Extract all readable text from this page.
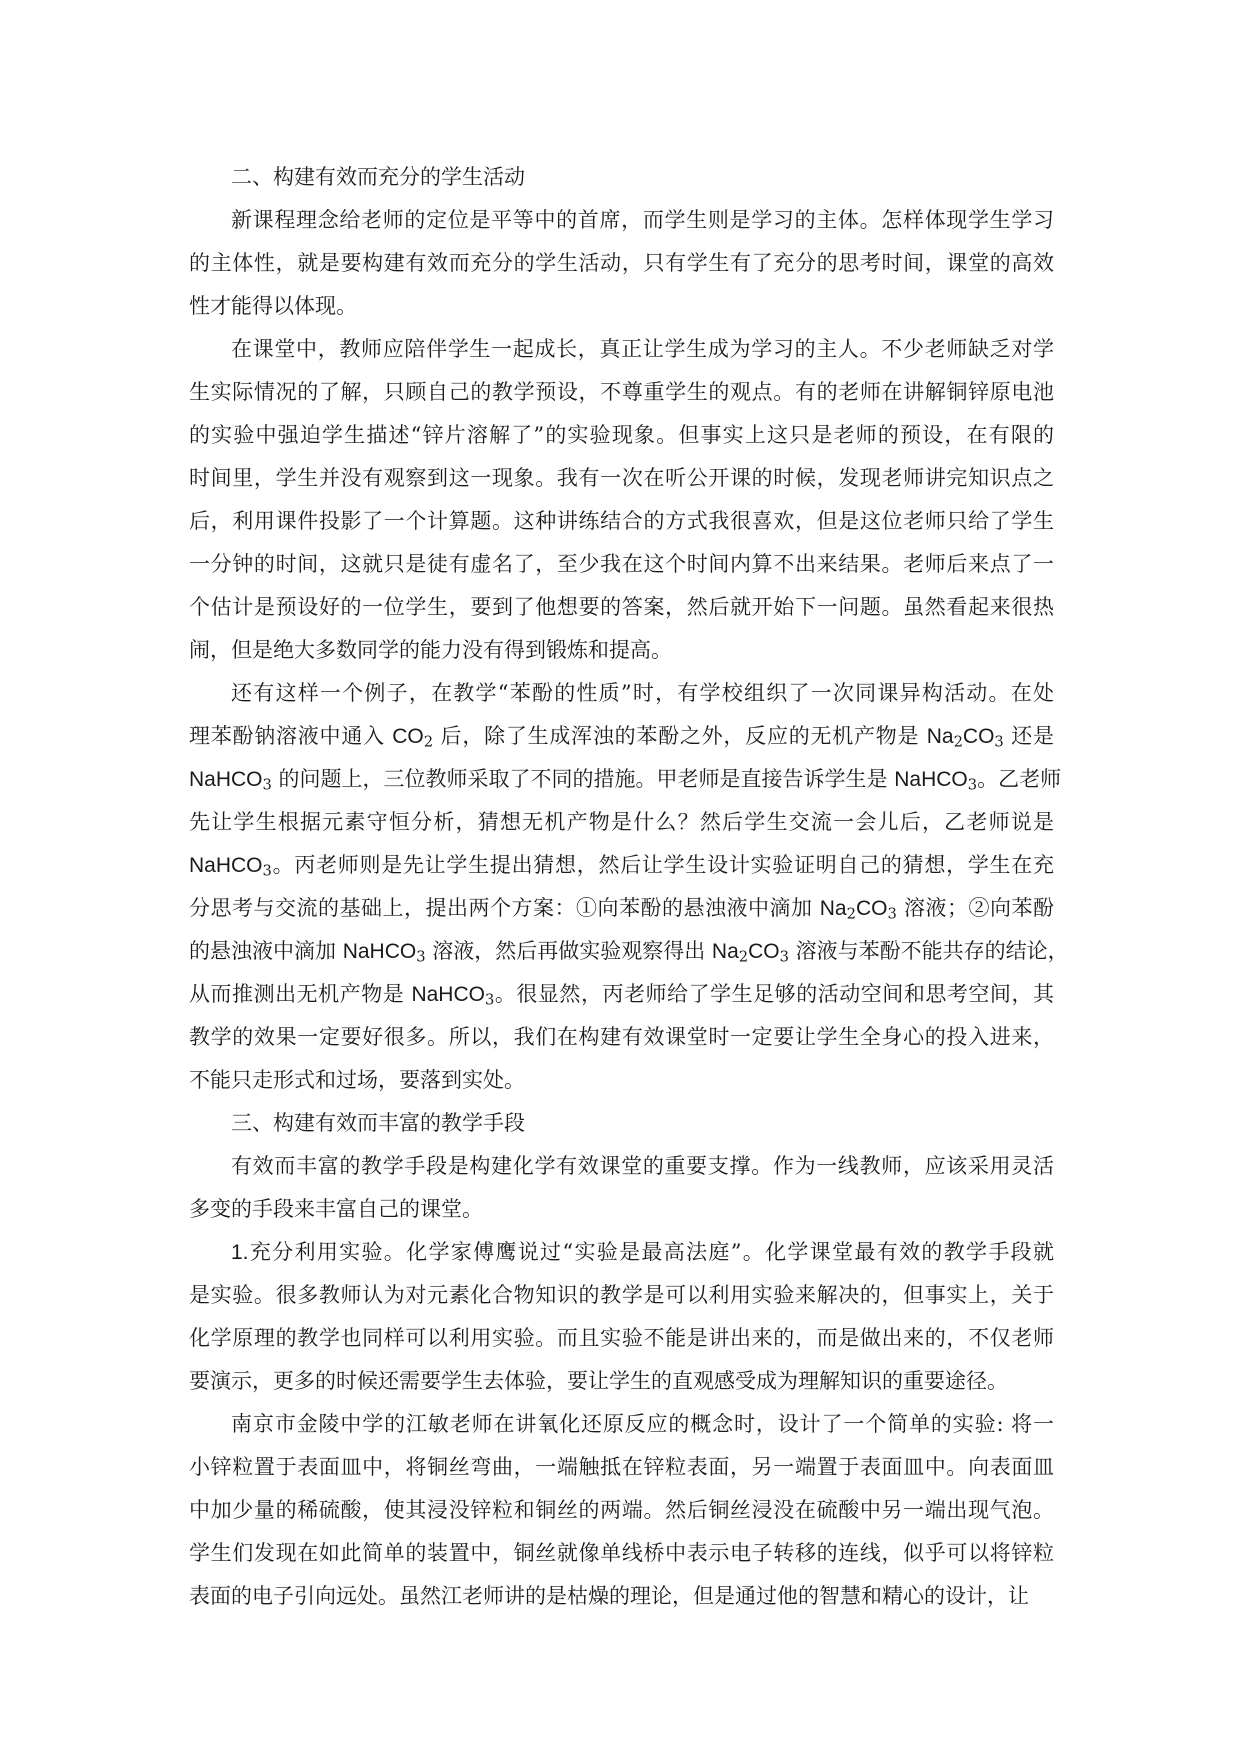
二、构建有效而充分的学生活动
新课程理念给老师的定位是平等中的首席，而学生则是学习的主体。怎样体现学生学习
的主体性，就是要构建有效而充分的学生活动，只有学生有了充分的思考时间，课堂的高效
性才能得以体现。
在课堂中，教师应陪伴学生一起成长，真正让学生成为学习的主人。不少老师缺乏对学
生实际情况的了解，只顾自己的教学预设，不尊重学生的观点。有的老师在讲解铜锌原电池
的实验中强迫学生描述“锌片溶解了”的实验现象。但事实上这只是老师的预设，在有限的
时间里，学生并没有观察到这一现象。我有一次在听公开课的时候，发现老师讲完知识点之
后，利用课件投影了一个计算题。这种讲练结合的方式我很喜欢，但是这位老师只给了学生
一分钟的时间，这就只是徒有虚名了，至少我在这个时间内算不出来结果。老师后来点了一
个估计是预设好的一位学生，要到了他想要的答案，然后就开始下一问题。虽然看起来很热
闹，但是绝大多数同学的能力没有得到锻炼和提高。
还有这样一个例子，在教学“苯酚的性质”时，有学校组织了一次同课异构活动。在处
理苯酚钠溶液中通入 $CO_2$ 后，除了生成浑浊的苯酚之外，反应的无机产物是 $Na_2CO_3$ 还是
NaHCO$_3$ 的问题上，三位教师采取了不同的措施。甲老师是直接告诉学生是 NaHCO$_3$。乙老师
先让学生根据元素守恒分析，猜想无机产物是什么？然后学生交流一会儿后，乙老师说是
NaHCO$_3$。丙老师则是先让学生提出猜想，然后让学生设计实验证明自己的猜想，学生在充
分思考与交流的基础上，提出两个方案：①向苯酚的悬浊液中滴加 $Na_2CO_3$ 溶液；②向苯酚
的悬浊液中滴加 NaHCO$_3$ 溶液，然后再做实验观察得出 $Na_2CO_3$ 溶液与苯酚不能共存的结论，
从而推测出无机产物是 NaHCO$_3$。很显然，丙老师给了学生足够的活动空间和思考空间，其
教学的效果一定要好很多。所以，我们在构建有效课堂时一定要让学生全身心的投入进来，
不能只走形式和过场，要落到实处。
三、构建有效而丰富的教学手段
有效而丰富的教学手段是构建化学有效课堂的重要支撑。作为一线教师，应该采用灵活
多变的手段来丰富自己的课堂。
1.充分利用实验。化学家傅鹰说过“实验是最高法庭”。化学课堂最有效的教学手段就
是实验。很多教师认为对元素化合物知识的教学是可以利用实验来解决的，但事实上，关于
化学原理的教学也同样可以利用实验。而且实验不能是讲出来的，而是做出来的，不仅老师
要演示，更多的时候还需要学生去体验，要让学生的直观感受成为理解知识的重要途径。
南京市金陵中学的江敏老师在讲氧化还原反应的概念时，设计了一个简单的实验: 将一
小锌粒置于表面皿中，将铜丝弯曲，一端触抵在锌粒表面，另一端置于表面皿中。向表面皿
中加少量的稀硫酸，使其浸没锌粒和铜丝的两端。然后铜丝浸没在硫酸中另一端出现气泡。
学生们发现在如此简单的装置中，铜丝就像单线桥中表示电子转移的连线，似乎可以将锌粒
表面的电子引向远处。虽然江老师讲的是枯燥的理论，但是通过他的智慧和精心的设计，让
